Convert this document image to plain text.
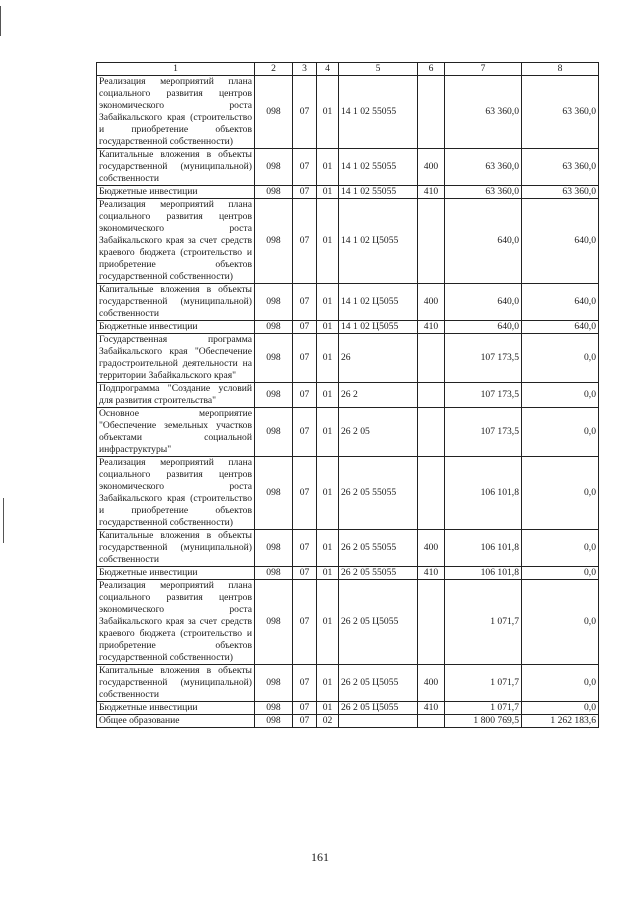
1	2	3	4	5	6	7	8
Реализация мероприятий плана социального развития центров экономического роста Забайкальского края (строительство и приобретение объектов государственной собственности)	098	07	01	14 1 02 55055		63 360,0	63 360,0
Капитальные вложения в объекты государственной (муниципальной) собственности	098	07	01	14 1 02 55055	400	63 360,0	63 360,0
Бюджетные инвестиции	098	07	01	14 1 02 55055	410	63 360,0	63 360,0
Реализация мероприятий плана социального развития центров экономического роста Забайкальского края за счет средств краевого бюджета (строительство и приобретение объектов государственной собственности)	098	07	01	14 1 02 Ц5055		640,0	640,0
Капитальные вложения в объекты государственной (муниципальной) собственности	098	07	01	14 1 02 Ц5055	400	640,0	640,0
Бюджетные инвестиции	098	07	01	14 1 02 Ц5055	410	640,0	640,0
Государственная программа Забайкальского края "Обеспечение градостроительной деятельности на территории Забайкальского края"	098	07	01	26		107 173,5	0,0
Подпрограмма "Создание условий для развития строительства"	098	07	01	26 2		107 173,5	0,0
Основное мероприятие "Обеспечение земельных участков объектами социальной инфраструктуры"	098	07	01	26 2 05		107 173,5	0,0
Реализация мероприятий плана социального развития центров экономического роста Забайкальского края (строительство и приобретение объектов государственной собственности)	098	07	01	26 2 05 55055		106 101,8	0,0
Капитальные вложения в объекты государственной (муниципальной) собственности	098	07	01	26 2 05 55055	400	106 101,8	0,0
Бюджетные инвестиции	098	07	01	26 2 05 55055	410	106 101,8	0,0
Реализация мероприятий плана социального развития центров экономического роста Забайкальского края за счет средств краевого бюджета (строительство и приобретение объектов государственной собственности)	098	07	01	26 2 05 Ц5055		1 071,7	0,0
Капитальные вложения в объекты государственной (муниципальной) собственности	098	07	01	26 2 05 Ц5055	400	1 071,7	0,0
Бюджетные инвестиции	098	07	01	26 2 05 Ц5055	410	1 071,7	0,0
Общее образование	098	07	02			1 800 769,5	1 262 183,6
161
